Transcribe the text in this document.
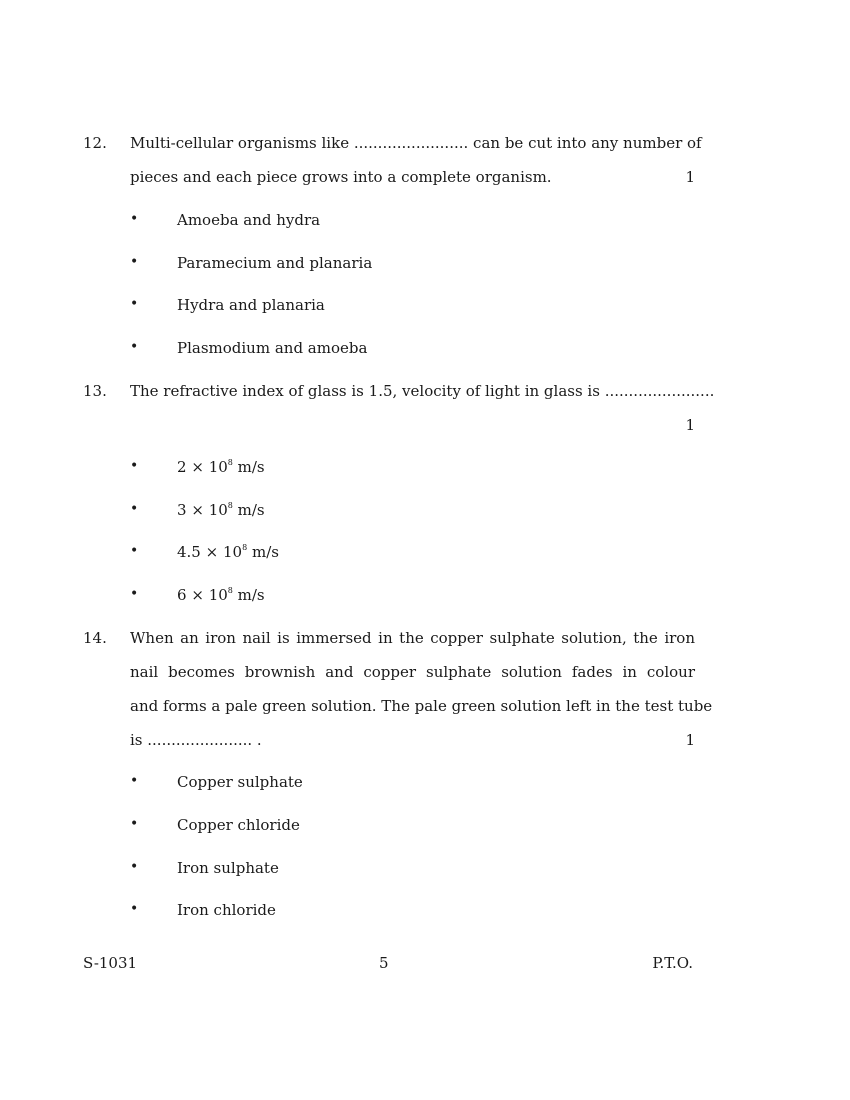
12. Multi-cellular organisms like ........................ can be cut into any number of
pieces and each piece grows into a complete organism.	1
•	Amoeba and hydra
•	Paramecium and planaria
•	Hydra and planaria
•	Plasmodium and amoeba
13. The refractive index of glass is 1.5, velocity of light in glass is .......................
1
•	$2 \times 10^8$ m/s
•	$3 \times 10^8$ m/s
•	$4.5 \times 10^8$ m/s
•	$6 \times 10^8$ m/s
14. When an iron nail is immersed in the copper sulphate solution, the iron
nail becomes brownish and copper sulphate solution fades in colour
and forms a pale green solution. The pale green solution left in the test tube
is ...................... .	1
•	Copper sulphate
•	Copper chloride
•	Iron sulphate
•	Iron chloride
S-1031	5	P.T.O.
